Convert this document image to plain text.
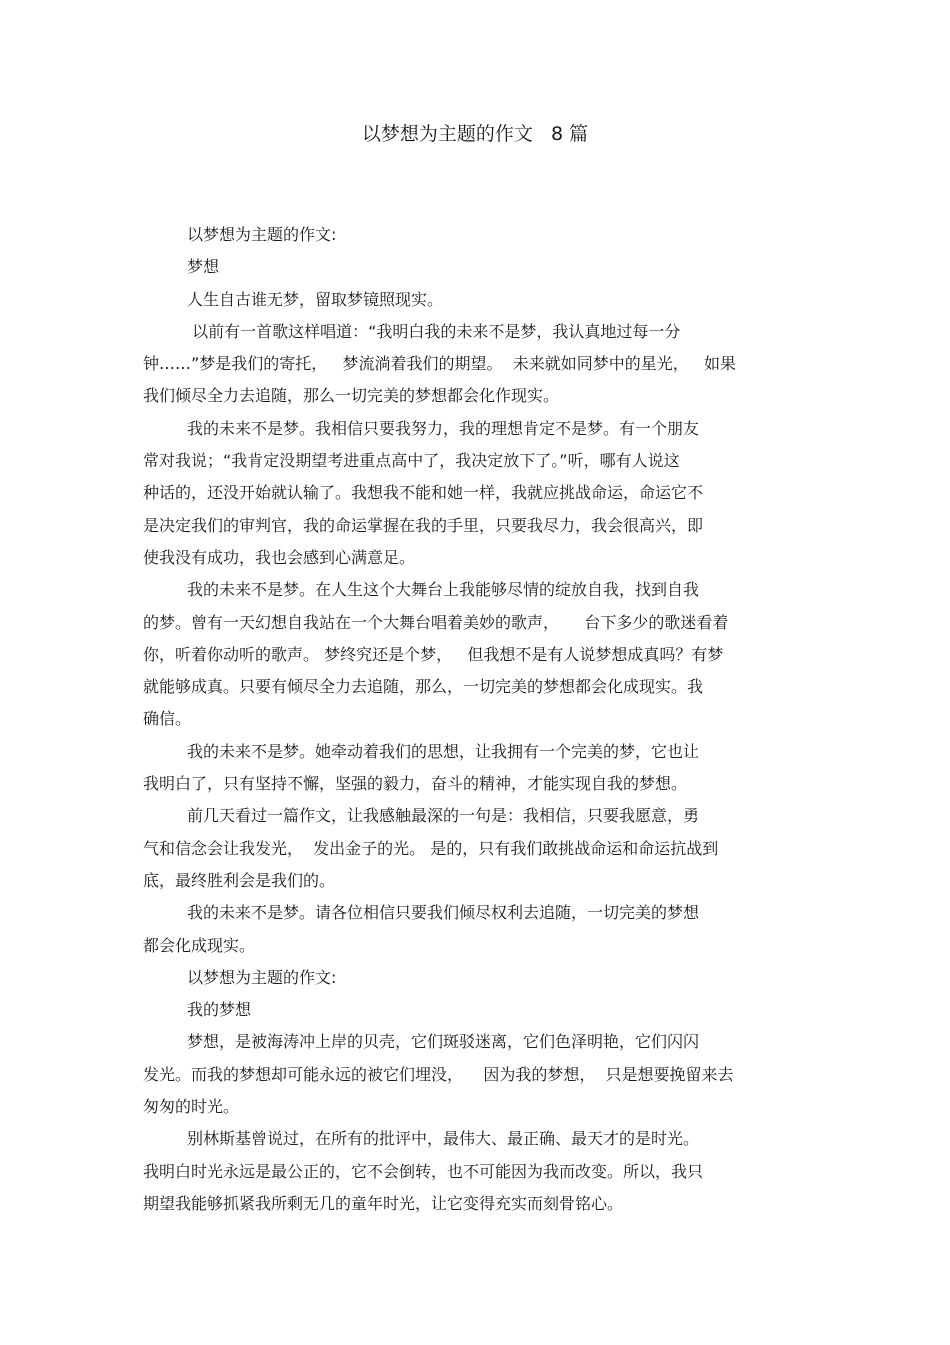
以梦想为主题的作文   8 篇
以梦想为主题的作文:
梦想
人生自古谁无梦，留取梦镜照现实。
以前有一首歌这样唱道：“我明白我的未来不是梦，我认真地过每一分
钟……”梦是我们的寄托，   梦流淌着我们的期望。  未来就如同梦中的星光，   如果
我们倾尽全力去追随，那么一切完美的梦想都会化作现实。
我的未来不是梦。我相信只要我努力，我的理想肯定不是梦。有一个朋友
常对我说；“我肯定没期望考进重点高中了，我决定放下了。”听，哪有人说这
种话的，还没开始就认输了。我想我不能和她一样，我就应挑战命运，命运它不
是决定我们的审判官，我的命运掌握在我的手里，只要我尽力，我会很高兴，即
使我没有成功，我也会感到心满意足。
我的未来不是梦。在人生这个大舞台上我能够尽情的绽放自我，找到自我
的梦。曾有一天幻想自我站在一个大舞台唱着美妙的歌声，     台下多少的歌迷看着
你，听着你动听的歌声。 梦终究还是个梦，   但我想不是有人说梦想成真吗？有梦
就能够成真。只要有倾尽全力去追随，那么，一切完美的梦想都会化成现实。我
确信。
我的未来不是梦。她牵动着我们的思想，让我拥有一个完美的梦，它也让
我明白了，只有坚持不懈，坚强的毅力，奋斗的精神，才能实现自我的梦想。
前几天看过一篇作文，让我感触最深的一句是：我相信，只要我愿意，勇
气和信念会让我发光，  发出金子的光。 是的，只有我们敢挑战命运和命运抗战到
底，最终胜利会是我们的。
我的未来不是梦。请各位相信只要我们倾尽权利去追随，一切完美的梦想
都会化成现实。
以梦想为主题的作文:
我的梦想
梦想，是被海涛冲上岸的贝壳，它们斑驳迷离，它们色泽明艳，它们闪闪
发光。而我的梦想却可能永远的被它们埋没，    因为我的梦想，  只是想要挽留来去
匆匆的时光。
别林斯基曾说过，在所有的批评中，最伟大、最正确、最天才的是时光。
我明白时光永远是最公正的，它不会倒转，也不可能因为我而改变。所以，我只
期望我能够抓紧我所剩无几的童年时光，让它变得充实而刻骨铭心。
